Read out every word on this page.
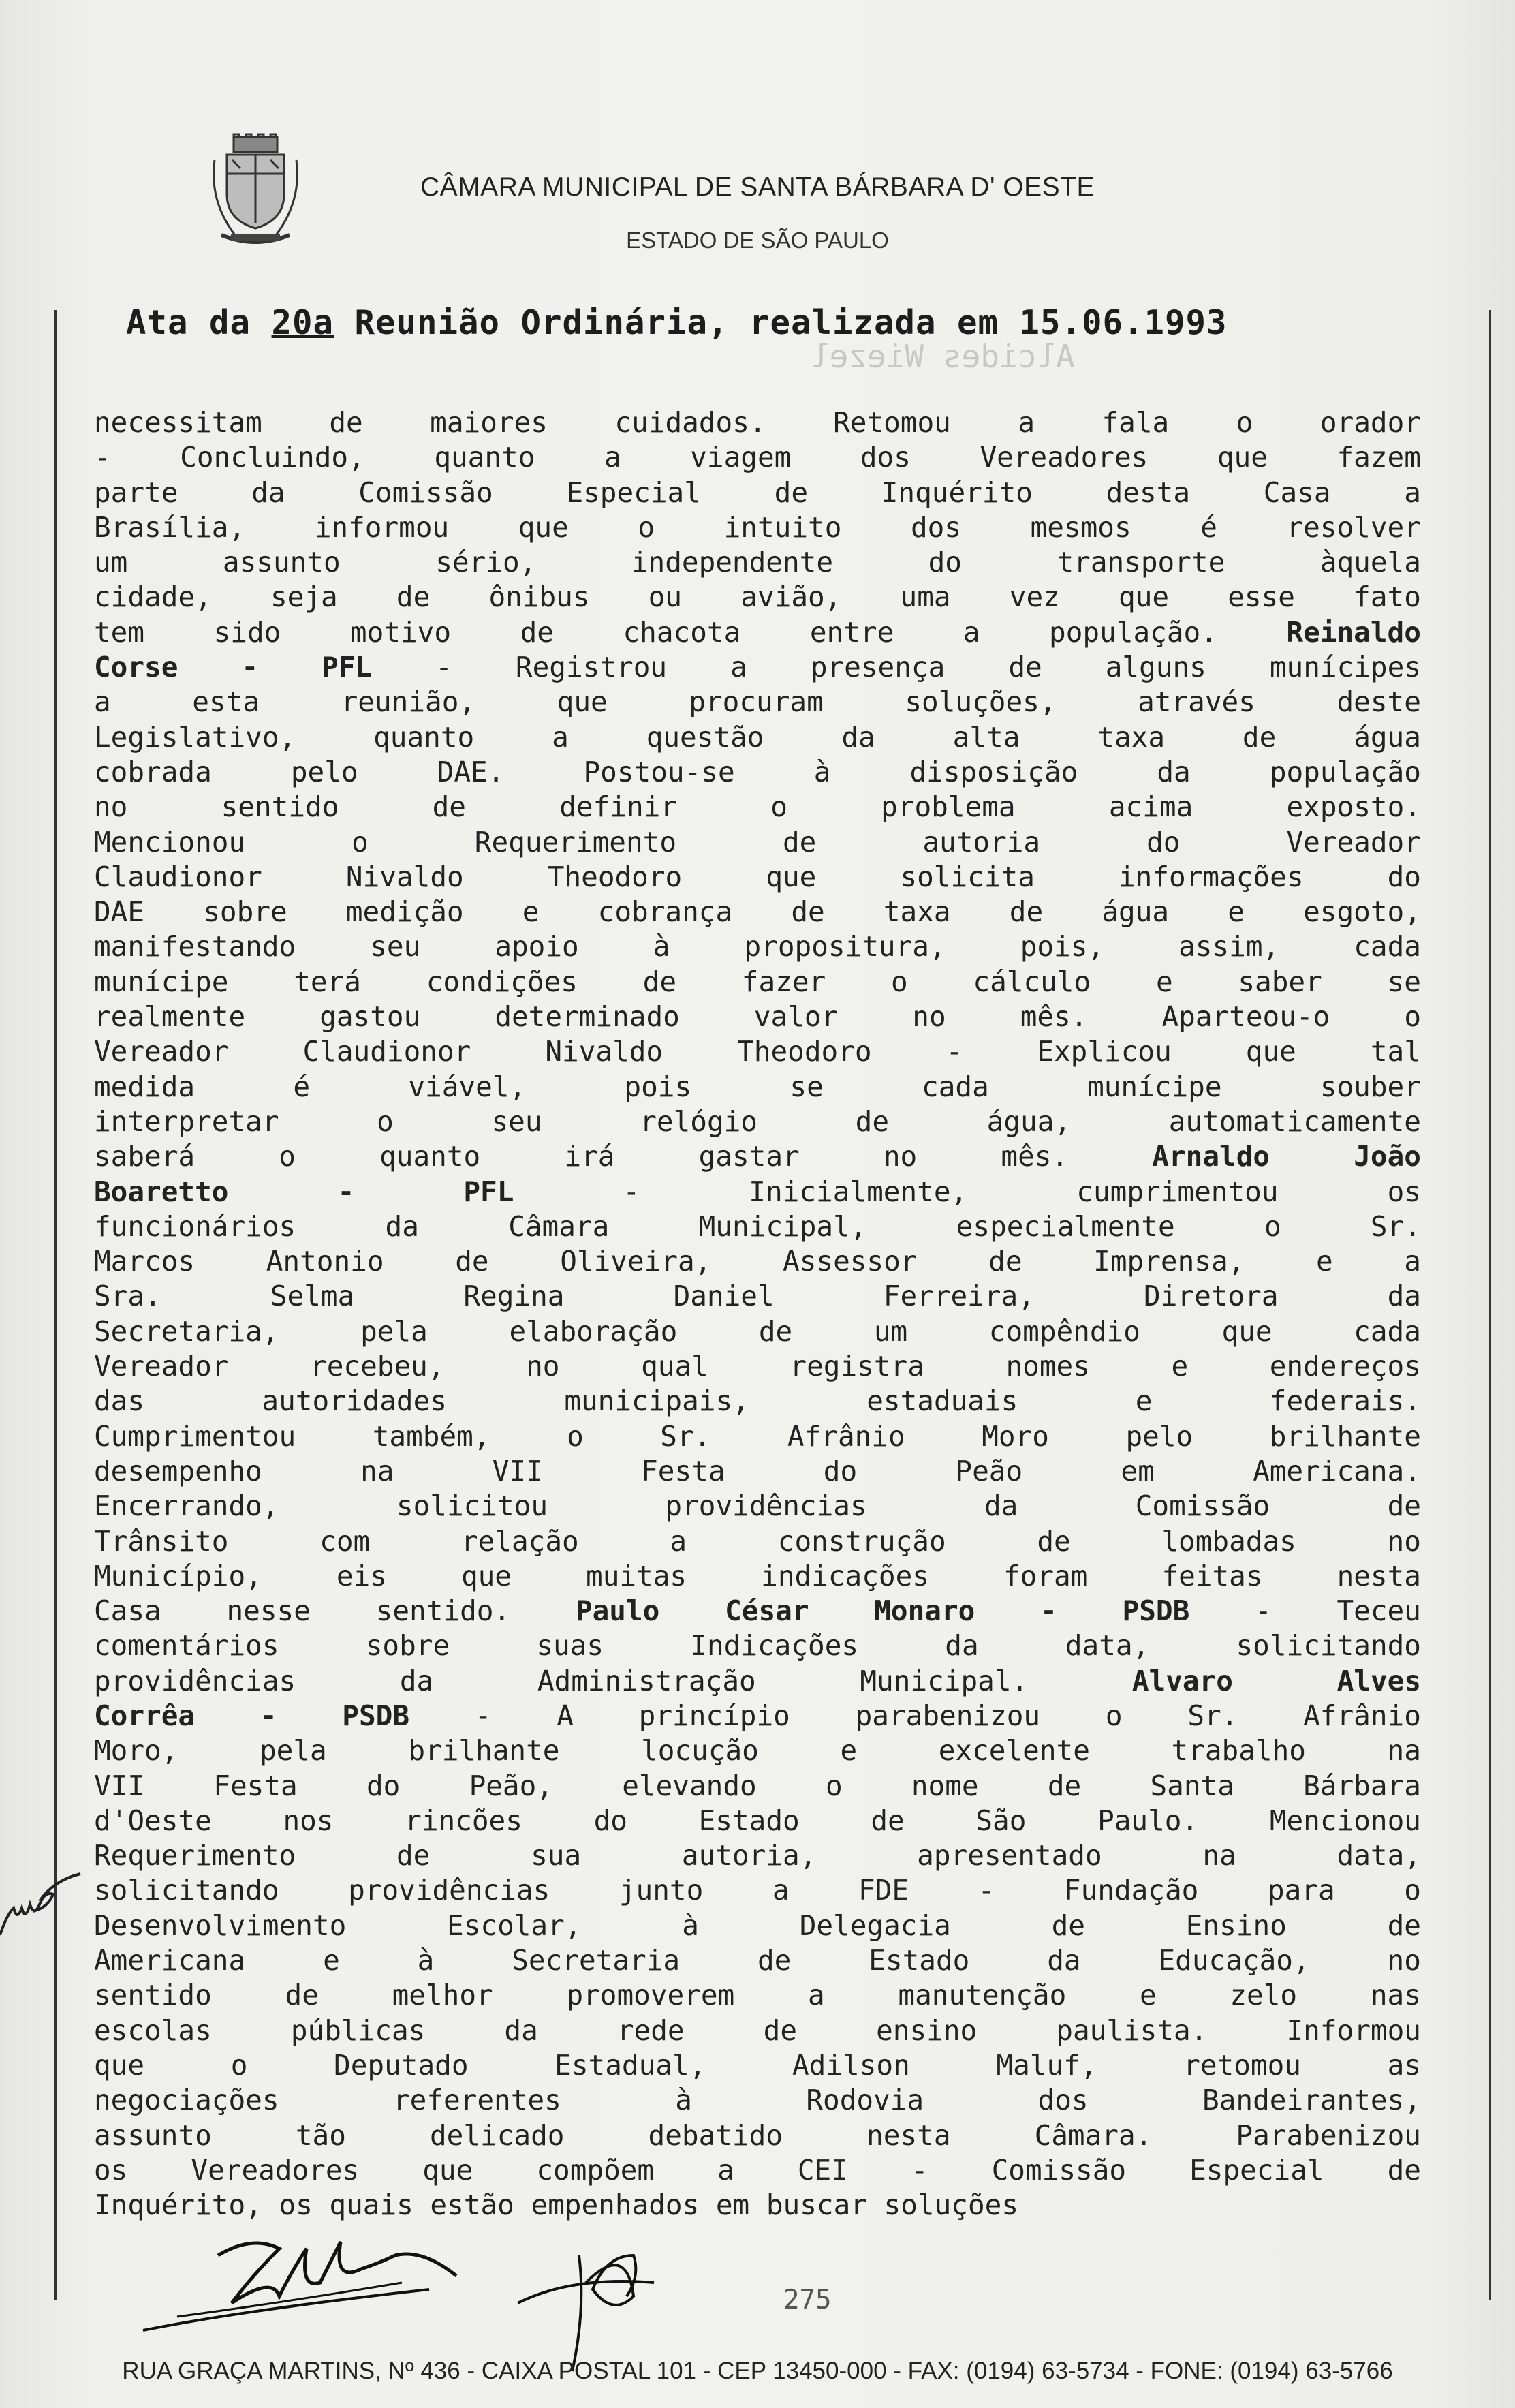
CÂMARA MUNICIPAL DE SANTA BÁRBARA D' OESTE
ESTADO DE SÃO PAULO
Ata da 20a Reunião Ordinária, realizada em 15.06.1993
Alcides Wiezel
necessitam de maiores cuidados. Retomou a fala o orador
- Concluindo, quanto a viagem dos Vereadores que fazem
parte	da	Comissão	Especial	de	Inquérito	desta	Casa	a
Brasília, informou que o intuito dos mesmos é resolver
um	assunto	sério,	independente	do	transporte	àquela
cidade, seja de ônibus ou avião, uma vez que esse fato
tem sido motivo de chacota entre a população. Reinaldo
Corse - PFL - Registrou a presença de alguns munícipes
a	esta	reunião,	que	procuram	soluções,	através	deste
Legislativo,	quanto	a	questão	da	alta	taxa	de	água
cobrada	pelo	DAE.	Postou-se	à	disposição	da	população
no	sentido	de	definir	o	problema	acima	exposto.
Mencionou	o	Requerimento	de	autoria	do	Vereador
Claudionor	Nivaldo	Theodoro	que	solicita	informações	do
DAE sobre medição e cobrança de taxa de água e esgoto,
manifestando	seu	apoio	à	propositura,	pois,	assim,	cada
munícipe terá condições de fazer o cálculo e saber se
realmente	gastou	determinado	valor	no	mês.	Aparteou-o	o
Vereador	Claudionor	Nivaldo	Theodoro	-	Explicou	que	tal
medida	é	viável,	pois	se	cada	munícipe	souber
interpretar	o	seu	relógio	de	água,	automaticamente
saberá	o	quanto	irá	gastar	no	mês.	Arnaldo	João
Boaretto	-	PFL	-	Inicialmente,	cumprimentou	os
funcionários	da	Câmara	Municipal,	especialmente	o	Sr.
Marcos	Antonio	de	Oliveira,	Assessor	de	Imprensa,	e	a
Sra.	Selma	Regina	Daniel	Ferreira,	Diretora	da
Secretaria,	pela	elaboração	de	um	compêndio	que	cada
Vereador	recebeu,	no	qual	registra	nomes	e	endereços
das	autoridades	municipais,	estaduais	e	federais.
Cumprimentou	também,	o	Sr.	Afrânio	Moro	pelo	brilhante
desempenho	na	VII	Festa	do	Peão	em	Americana.
Encerrando,	solicitou	providências	da	Comissão	de
Trânsito	com	relação	a	construção	de	lombadas	no
Município,	eis	que	muitas	indicações	foram	feitas	nesta
Casa nesse sentido. Paulo César Monaro - PSDB - Teceu
comentários	sobre	suas	Indicações	da	data,	solicitando
providências	da	Administração	Municipal.	Alvaro	Alves
Corrêa - PSDB - A princípio parabenizou o Sr. Afrânio
Moro,	pela	brilhante	locução	e	excelente	trabalho	na
VII Festa do Peão, elevando o nome de Santa Bárbara
d'Oeste	nos	rincões	do	Estado	de	São	Paulo.	Mencionou
Requerimento	de	sua	autoria,	apresentado	na	data,
solicitando providências junto a FDE - Fundação para o
Desenvolvimento	Escolar,	à	Delegacia	de	Ensino	de
Americana	e	à	Secretaria	de	Estado	da	Educação,	no
sentido	de	melhor	promoverem	a	manutenção	e	zelo	nas
escolas	públicas	da	rede	de	ensino	paulista.	Informou
que	o	Deputado	Estadual,	Adilson	Maluf,	retomou	as
negociações	referentes	à	Rodovia	dos	Bandeirantes,
assunto	tão	delicado	debatido	nesta	Câmara.	Parabenizou
os Vereadores que compõem a CEI - Comissão Especial de
Inquérito, os quais estão empenhados em buscar soluções
275
RUA GRAÇA MARTINS, Nº 436 - CAIXA POSTAL 101 - CEP 13450-000 - FAX: (0194) 63-5734 - FONE: (0194) 63-5766
